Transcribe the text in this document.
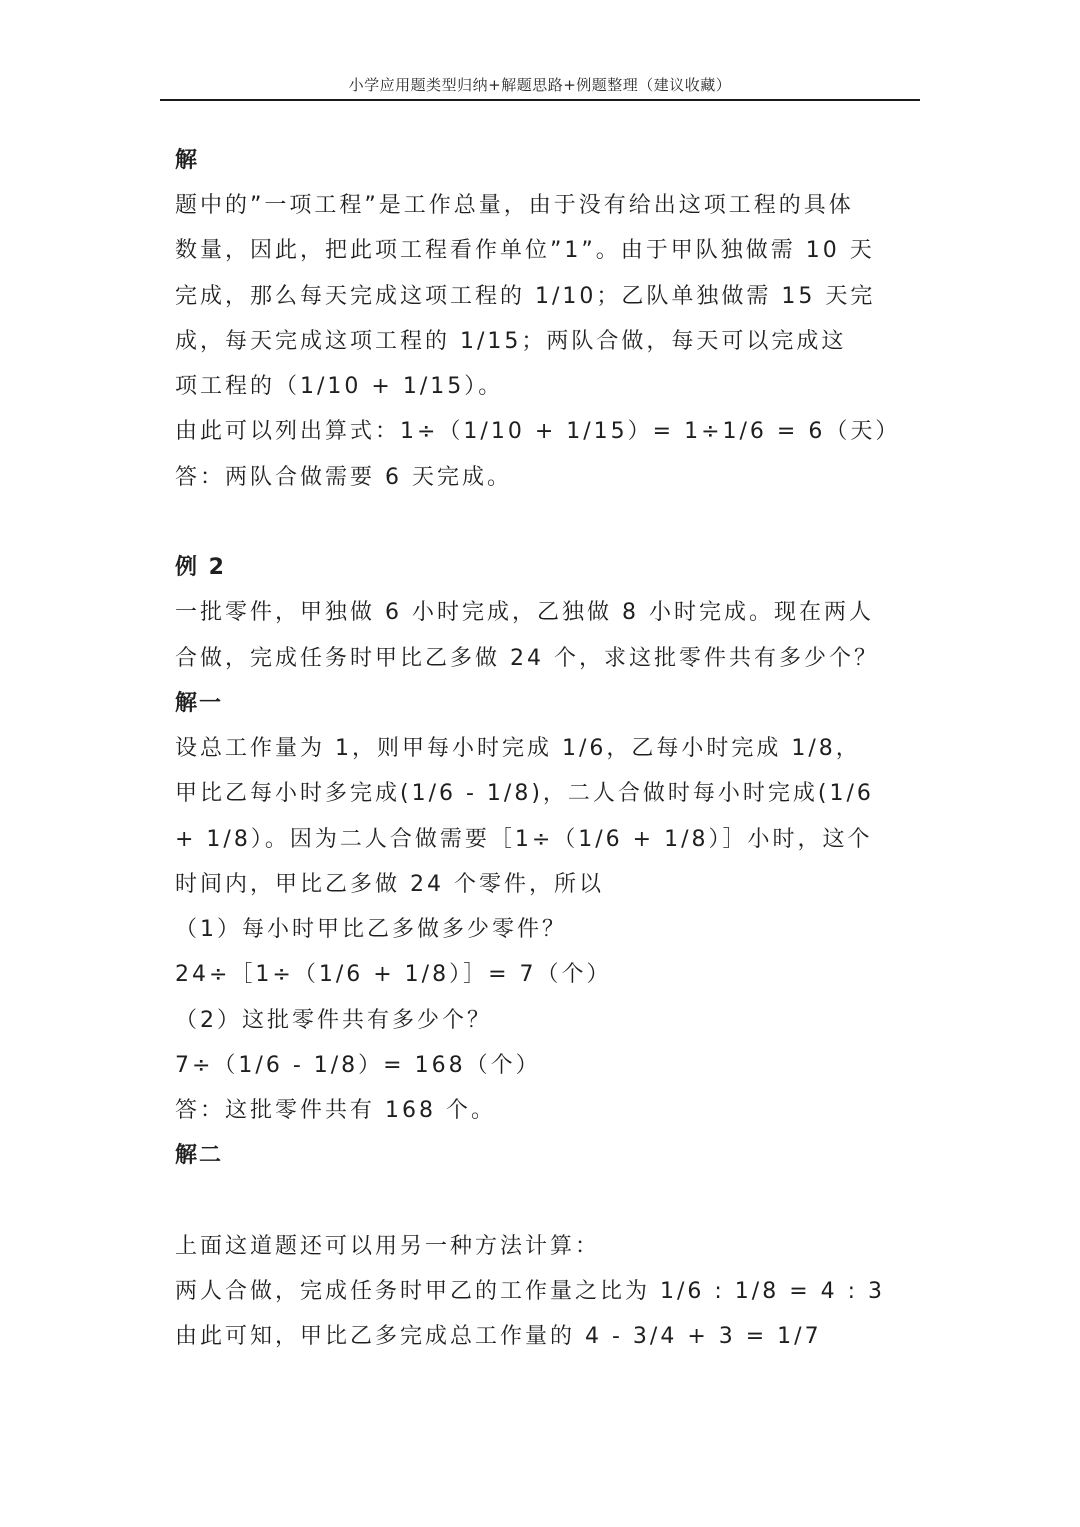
小学应用题类型归纳+解题思路+例题整理（建议收藏）
解
题中的”一项工程”是工作总量，由于没有给出这项工程的具体
数量，因此，把此项工程看作单位”1”。由于甲队独做需 10 天
完成，那么每天完成这项工程的 1/10；乙队单独做需 15 天完
成，每天完成这项工程的 1/15；两队合做，每天可以完成这
项工程的（1/10 + 1/15）。
由此可以列出算式：1÷（1/10 + 1/15）= 1÷1/6 = 6（天）
答：两队合做需要 6 天完成。
例 2
一批零件，甲独做 6 小时完成，乙独做 8 小时完成。现在两人
合做，完成任务时甲比乙多做 24 个，求这批零件共有多少个？
解一
设总工作量为 1，则甲每小时完成 1/6，乙每小时完成 1/8，
甲比乙每小时多完成(1/6 - 1/8)，二人合做时每小时完成(1/6
+ 1/8）。因为二人合做需要［1÷（1/6 + 1/8）］小时，这个
时间内，甲比乙多做 24 个零件，所以
（1）每小时甲比乙多做多少零件？
24÷［1÷（1/6 + 1/8）］= 7（个）
（2）这批零件共有多少个？
7÷（1/6 - 1/8）= 168（个）
答：这批零件共有 168 个。
解二
上面这道题还可以用另一种方法计算：
两人合做，完成任务时甲乙的工作量之比为 1/6 : 1/8 = 4 : 3
由此可知，甲比乙多完成总工作量的 4 - 3/4 + 3 = 1/7
